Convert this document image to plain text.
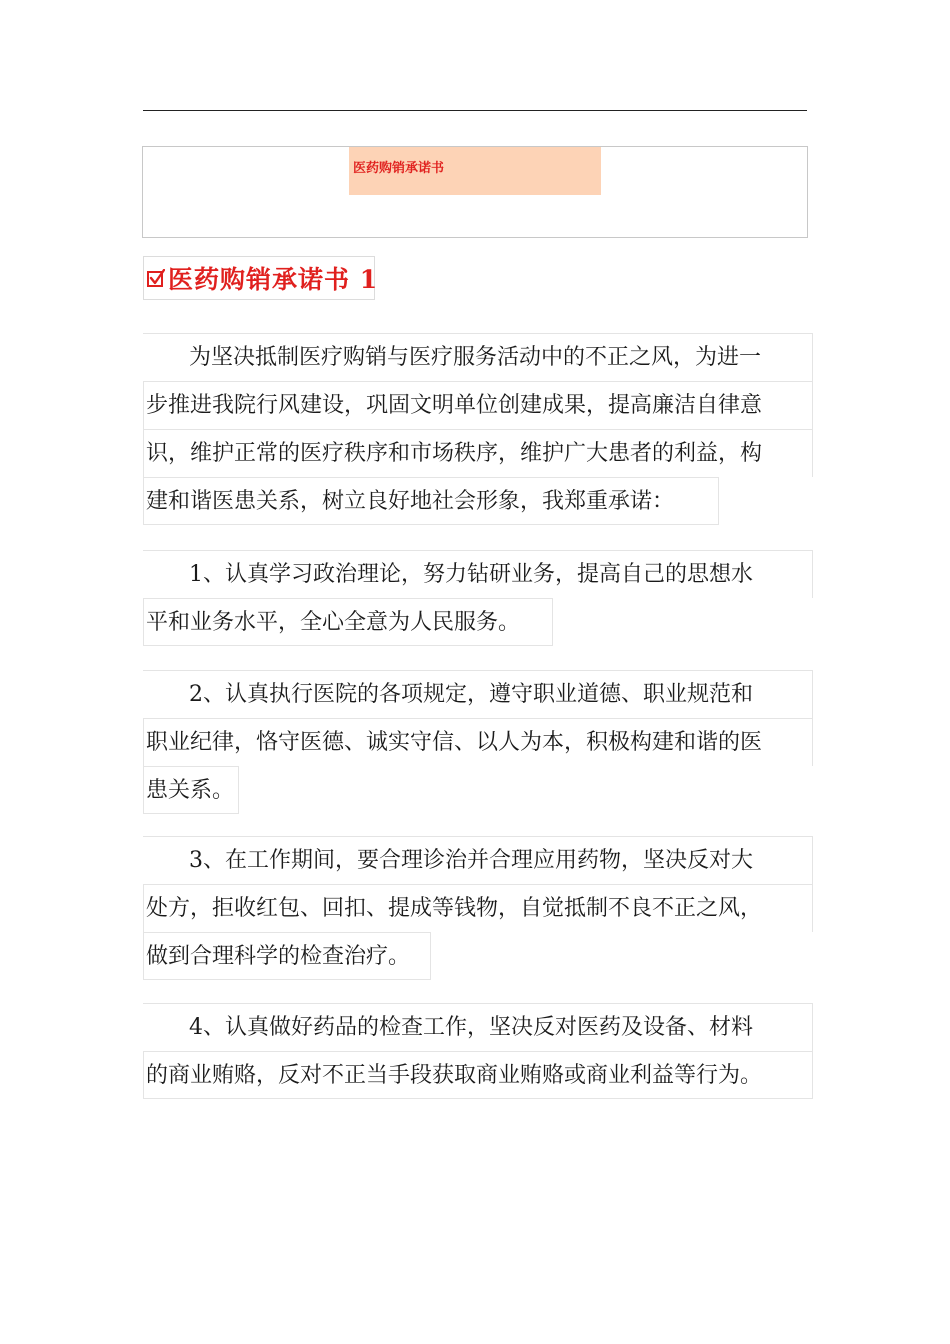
医药购销承诺书
医药购销承诺书 1
为坚决抵制医疗购销与医疗服务活动中的不正之风，为进一
步推进我院行风建设，巩固文明单位创建成果，提高廉洁自律意
识，维护正常的医疗秩序和市场秩序，维护广大患者的利益，构
建和谐医患关系，树立良好地社会形象，我郑重承诺：
1、认真学习政治理论，努力钻研业务，提高自己的思想水
平和业务水平，全心全意为人民服务。
2、认真执行医院的各项规定，遵守职业道德、职业规范和
职业纪律，恪守医德、诚实守信、以人为本，积极构建和谐的医
患关系。
3、在工作期间，要合理诊治并合理应用药物，坚决反对大
处方，拒收红包、回扣、提成等钱物，自觉抵制不良不正之风，
做到合理科学的检查治疗。
4、认真做好药品的检查工作，坚决反对医药及设备、材料
的商业贿赂，反对不正当手段获取商业贿赂或商业利益等行为。
